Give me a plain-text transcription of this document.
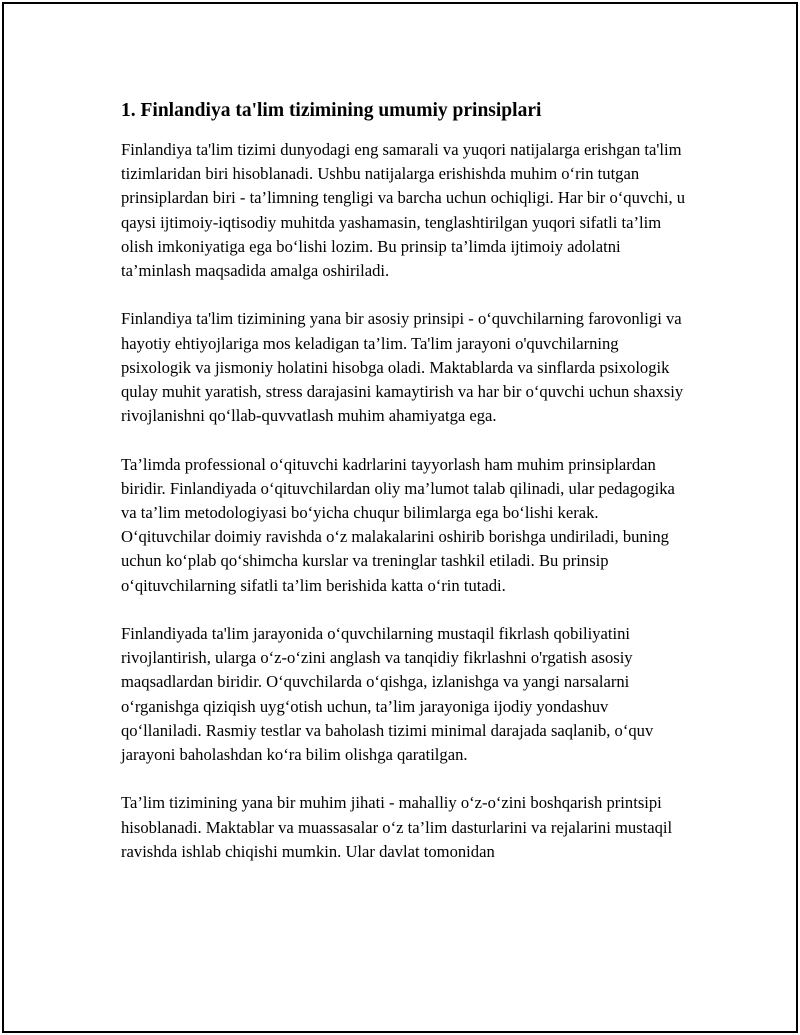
1. Finlandiya ta'lim tizimining umumiy prinsiplari

Finlandiya ta'lim tizimi dunyodagi eng samarali va yuqori natijalarga erishgan ta'lim tizimlaridan biri hisoblanadi. Ushbu natijalarga erishishda muhim o‘rin tutgan prinsiplardan biri - ta’limning tengligi va barcha uchun ochiqligi. Har bir o‘quvchi, u qaysi ijtimoiy-iqtisodiy muhitda yashamasin, tenglashtirilgan yuqori sifatli ta’lim olish imkoniyatiga ega bo‘lishi lozim. Bu prinsip ta’limda ijtimoiy adolatni ta’minlash maqsadida amalga oshiriladi.

Finlandiya ta'lim tizimining yana bir asosiy prinsipi - o‘quvchilarning farovonligi va hayotiy ehtiyojlariga mos keladigan ta’lim. Ta'lim jarayoni o'quvchilarning psixologik va jismoniy holatini hisobga oladi. Maktablarda va sinflarda psixologik qulay muhit yaratish, stress darajasini kamaytirish va har bir o‘quvchi uchun shaxsiy rivojlanishni qo‘llab-quvvatlash muhim ahamiyatga ega.

Ta’limda professional o‘qituvchi kadrlarini tayyorlash ham muhim prinsiplardan biridir. Finlandiyada o‘qituvchilardan oliy ma’lumot talab qilinadi, ular pedagogika va ta’lim metodologiyasi bo‘yicha chuqur bilimlarga ega bo‘lishi kerak. O‘qituvchilar doimiy ravishda o‘z malakalarini oshirib borishga undiriladi, buning uchun ko‘plab qo‘shimcha kurslar va treninglar tashkil etiladi. Bu prinsip o‘qituvchilarning sifatli ta’lim berishida katta o‘rin tutadi.

Finlandiyada ta'lim jarayonida o‘quvchilarning mustaqil fikrlash qobiliyatini rivojlantirish, ularga o‘z-o‘zini anglash va tanqidiy fikrlashni o'rgatish asosiy maqsadlardan biridir. O‘quvchilarda o‘qishga, izlanishga va yangi narsalarni o‘rganishga qiziqish uyg‘otish uchun, ta’lim jarayoniga ijodiy yondashuv qo‘llaniladi. Rasmiy testlar va baholash tizimi minimal darajada saqlanib, o‘quv jarayoni baholashdan ko‘ra bilim olishga qaratilgan.

Ta’lim tizimining yana bir muhim jihati - mahalliy o‘z-o‘zini boshqarish printsipi hisoblanadi. Maktablar va muassasalar o‘z ta’lim dasturlarini va rejalarini mustaqil ravishda ishlab chiqishi mumkin. Ular davlat tomonidan
